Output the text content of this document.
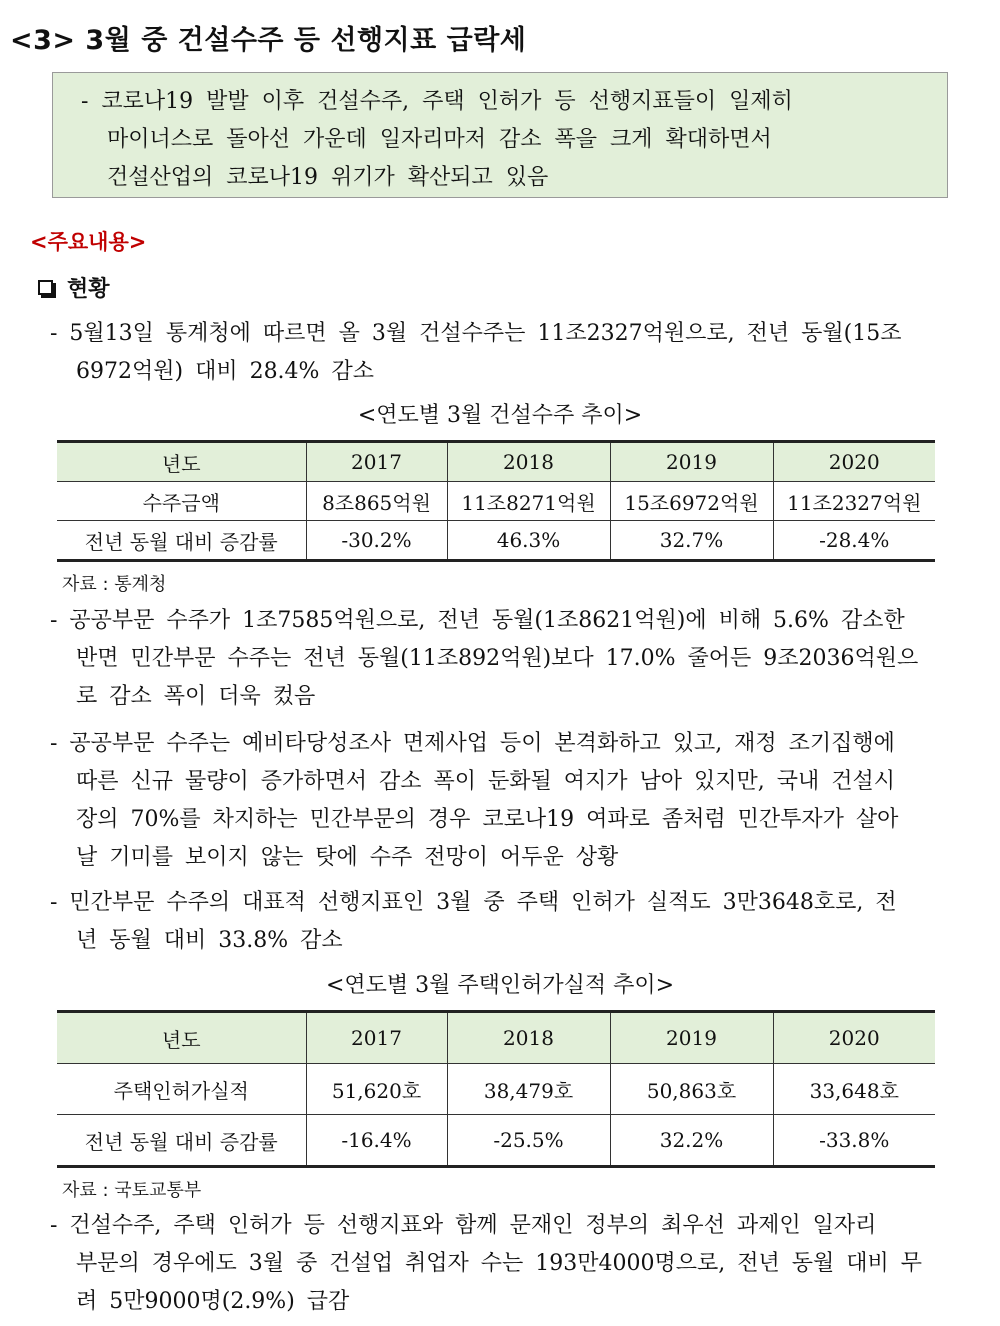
<3> 3월 중 건설수주 등 선행지표 급락세
- 코로나19 발발 이후 건설수주, 주택 인허가 등 선행지표들이 일제히
마이너스로 돌아선 가운데 일자리마저 감소 폭을 크게 확대하면서
건설산업의 코로나19 위기가 확산되고 있음
<주요내용>
현황
- 5월13일 통계청에 따르면 올 3월 건설수주는 11조2327억원으로, 전년 동월(15조
6972억원) 대비 28.4% 감소
<연도별 3월 건설수주 추이>
년도	2017	2018	2019	2020
수주금액	8조865억원	11조8271억원	15조6972억원	11조2327억원
전년 동월 대비 증감률	-30.2%	46.3%	32.7%	-28.4%
자료 : 통계청
- 공공부문 수주가 1조7585억원으로, 전년 동월(1조8621억원)에 비해 5.6% 감소한
반면 민간부문 수주는 전년 동월(11조892억원)보다 17.0% 줄어든 9조2036억원으
로 감소 폭이 더욱 컸음
- 공공부문 수주는 예비타당성조사 면제사업 등이 본격화하고 있고, 재정 조기집행에
따른 신규 물량이 증가하면서 감소 폭이 둔화될 여지가 남아 있지만, 국내 건설시
장의 70%를 차지하는 민간부문의 경우 코로나19 여파로 좀처럼 민간투자가 살아
날 기미를 보이지 않는 탓에 수주 전망이 어두운 상황
- 민간부문 수주의 대표적 선행지표인 3월 중 주택 인허가 실적도 3만3648호로, 전
년 동월 대비 33.8% 감소
<연도별 3월 주택인허가실적 추이>
년도	2017	2018	2019	2020
주택인허가실적	51,620호	38,479호	50,863호	33,648호
전년 동월 대비 증감률	-16.4%	-25.5%	32.2%	-33.8%
자료 : 국토교통부
- 건설수주, 주택 인허가 등 선행지표와 함께 문재인 정부의 최우선 과제인 일자리
부문의 경우에도 3월 중 건설업 취업자 수는 193만4000명으로, 전년 동월 대비 무
려 5만9000명(2.9%) 급감
